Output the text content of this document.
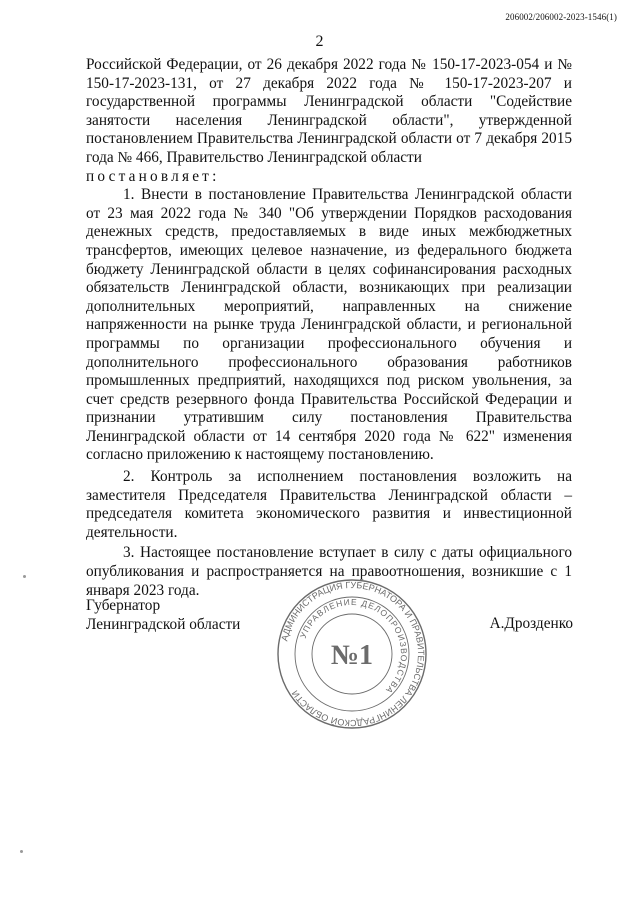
206002/206002-2023-1546(1)
2

Российской Федерации, от 26 декабря 2022 года № 150-17-2023-054 и № 150-17-2023-131, от 27 декабря 2022 года № 150-17-2023-207 и государственной программы Ленинградской области "Содействие занятости населения Ленинградской области", утвержденной постановлением Правительства Ленинградской области от 7 декабря 2015 года № 466, Правительство Ленинградской области

постановляет:

1. Внести в постановление Правительства Ленинградской области от 23 мая 2022 года № 340 "Об утверждении Порядков расходования денежных средств, предоставляемых в виде иных межбюджетных трансфертов, имеющих целевое назначение, из федерального бюджета бюджету Ленинградской области в целях софинансирования расходных обязательств Ленинградской области, возникающих при реализации дополнительных мероприятий, направленных на снижение напряженности на рынке труда Ленинградской области, и региональной программы по организации профессионального обучения и дополнительного профессионального образования работников промышленных предприятий, находящихся под риском увольнения, за счет средств резервного фонда Правительства Российской Федерации и признании утратившим силу постановления Правительства Ленинградской области от 14 сентября 2020 года № 622" изменения согласно приложению к настоящему постановлению.

2. Контроль за исполнением постановления возложить на заместителя Председателя Правительства Ленинградской области – председателя комитета экономического развития и инвестиционной деятельности.

3. Настоящее постановление вступает в силу с даты официального опубликования и распространяется на правоотношения, возникшие с 1 января 2023 года.

Губернатор
Ленинградской области	А.Дрозденко
АДМИНИСТРАЦИЯ ГУБЕРНАТОРА И ПРАВИТЕЛЬСТВА ЛЕНИНГРАДСКОЙ ОБЛАСТИ
УПРАВЛЕНИЕ ДЕЛОПРОИЗВОДСТВА
№1
